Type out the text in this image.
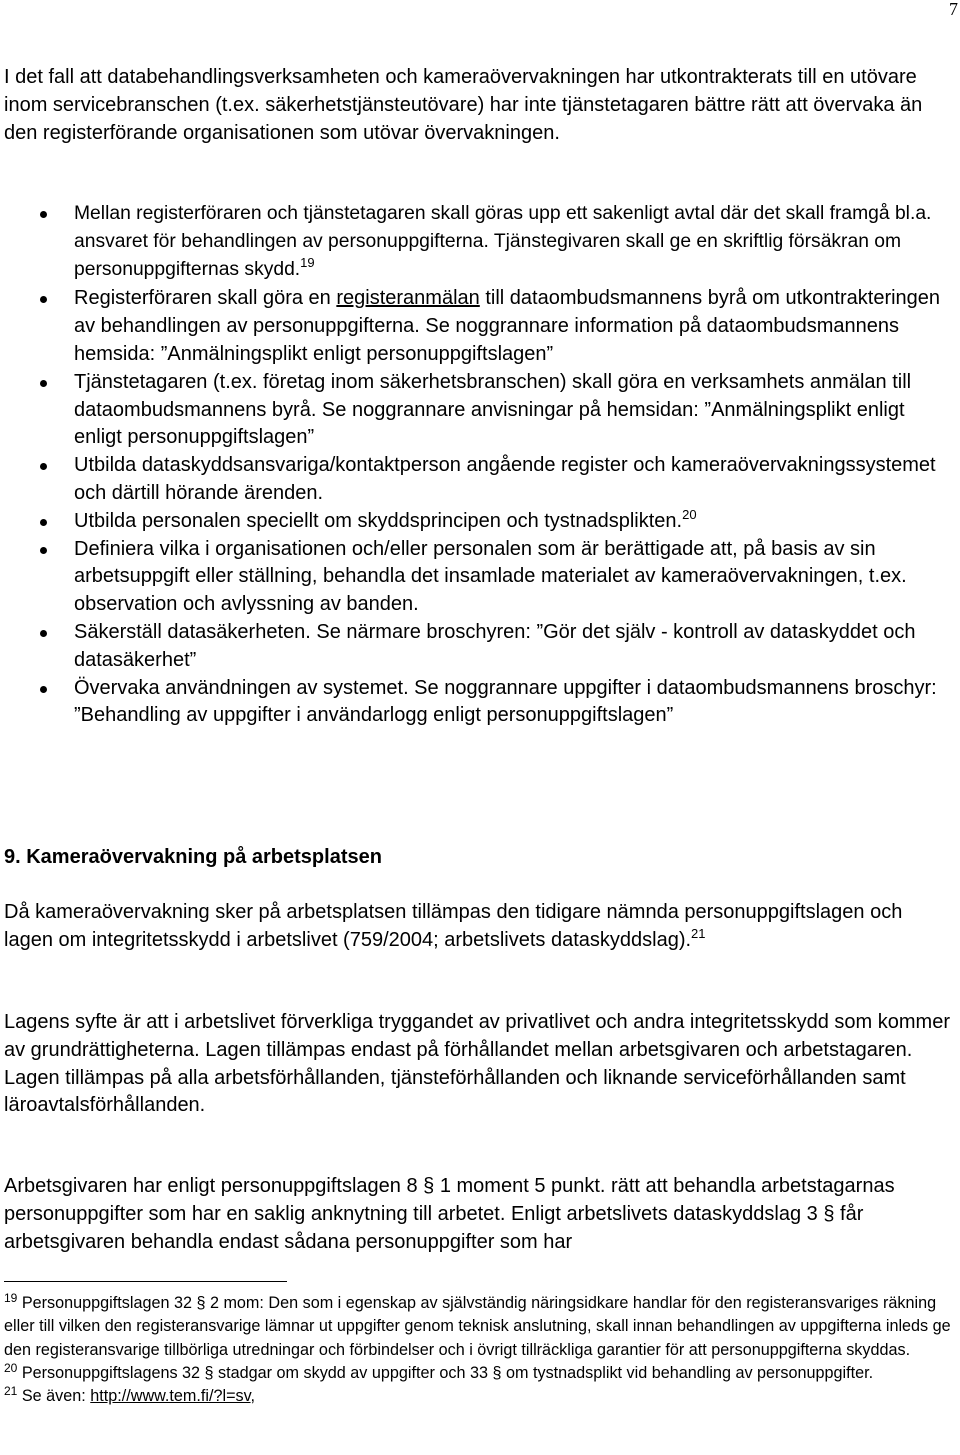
7

I det fall att databehandlingsverksamheten och kameraövervakningen har utkontrakterats till en utövare inom servicebranschen (t.ex. säkerhetstjänsteutövare) har inte tjänstetagaren bättre rätt att övervaka än den registerförande organisationen som utövar övervakningen.

Mellan registerföraren och tjänstetagaren skall göras upp ett sakenligt avtal där det skall framgå bl.a. ansvaret för behandlingen av personuppgifterna. Tjänstegivaren skall ge en skriftlig försäkran om personuppgifternas skydd.$^{19}$
Registerföraren skall göra en registeranmälan till dataombudsmannens byrå om utkontrakteringen av behandlingen av personuppgifterna. Se noggrannare information på dataombudsmannens hemsida: ”Anmälningsplikt enligt personuppgiftslagen”
Tjänstetagaren (t.ex. företag inom säkerhetsbranschen) skall göra en verksamhets anmälan till dataombudsmannens byrå. Se noggrannare anvisningar på hemsidan: ”Anmälningsplikt enligt enligt personuppgiftslagen”
Utbilda dataskyddsansvariga/kontaktperson angående register och kameraövervakningssystemet och därtill hörande ärenden.
Utbilda personalen speciellt om skyddsprincipen och tystnadsplikten.$^{20}$
Definiera vilka i organisationen och/eller personalen som är berättigade att, på basis av sin arbetsuppgift eller ställning, behandla det insamlade materialet av kameraövervakningen, t.ex. observation och avlyssning av banden.
Säkerställ datasäkerheten. Se närmare broschyren: ”Gör det själv - kontroll av dataskyddet och datasäkerhet”
Övervaka användningen av systemet. Se noggrannare uppgifter i dataombudsmannens broschyr: ”Behandling av uppgifter i användarlogg enligt personuppgiftslagen”
9. Kameraövervakning på arbetsplatsen

Då kameraövervakning sker på arbetsplatsen tillämpas den tidigare nämnda personuppgiftslagen och lagen om integritetsskydd i arbetslivet (759/2004; arbetslivets dataskyddslag).$^{21}$

Lagens syfte är att i arbetslivet förverkliga tryggandet av privatlivet och andra integritetsskydd som kommer av grundrättigheterna. Lagen tillämpas endast på förhållandet mellan arbetsgivaren och arbetstagaren. Lagen tillämpas på alla arbetsförhållanden, tjänsteförhållanden och liknande serviceförhållanden samt läroavtalsförhållanden.

Arbetsgivaren har enligt personuppgiftslagen 8 § 1 moment 5 punkt. rätt att behandla arbetstagarnas personuppgifter som har en saklig anknytning till arbetet. Enligt arbetslivets dataskyddslag 3 § får arbetsgivaren behandla endast sådana personuppgifter som har

$^{19}$ Personuppgiftslagen 32 § 2 mom: Den som i egenskap av självständig näringsidkare handlar för den registeransvariges räkning eller till vilken den registeransvarige lämnar ut uppgifter genom teknisk anslutning, skall innan behandlingen av uppgifterna inleds ge den registeransvarige tillbörliga utredningar och förbindelser och i övrigt tillräckliga garantier för att personuppgifterna skyddas.

$^{20}$ Personuppgiftslagens 32 § stadgar om skydd av uppgifter och 33 § om tystnadsplikt vid behandling av personuppgifter.

$^{21}$ Se även: http://www.tem.fi/?l=sv,
